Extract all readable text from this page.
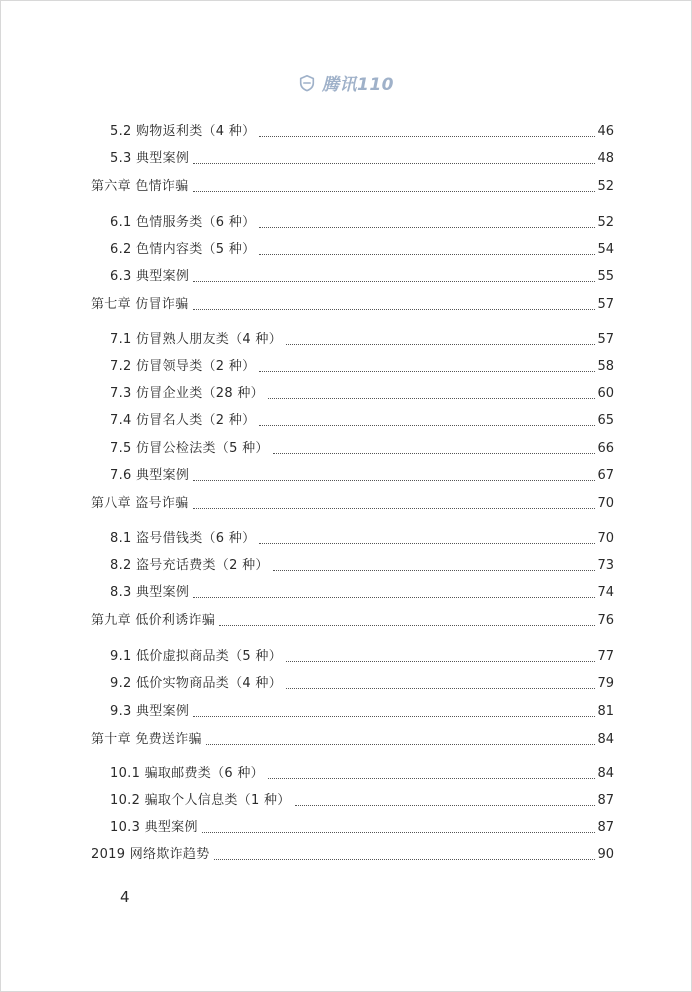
腾讯110
5.2 购物返利类（4 种）	46
5.3 典型案例	48
第六章 色情诈骗	52
6.1 色情服务类（6 种）	52
6.2 色情内容类（5 种）	54
6.3 典型案例	55
第七章 仿冒诈骗	57
7.1 仿冒熟人朋友类（4 种）	57
7.2 仿冒领导类（2 种）	58
7.3 仿冒企业类（28 种）	60
7.4 仿冒名人类（2 种）	65
7.5 仿冒公检法类（5 种）	66
7.6 典型案例	67
第八章 盗号诈骗	70
8.1 盗号借钱类（6 种）	70
8.2 盗号充话费类（2 种）	73
8.3 典型案例	74
第九章 低价利诱诈骗	76
9.1 低价虚拟商品类（5 种）	77
9.2 低价实物商品类（4 种）	79
9.3 典型案例	81
第十章 免费送诈骗	84
10.1 骗取邮费类（6 种）	84
10.2 骗取个人信息类（1 种）	87
10.3 典型案例	87
2019 网络欺诈趋势	90
4
